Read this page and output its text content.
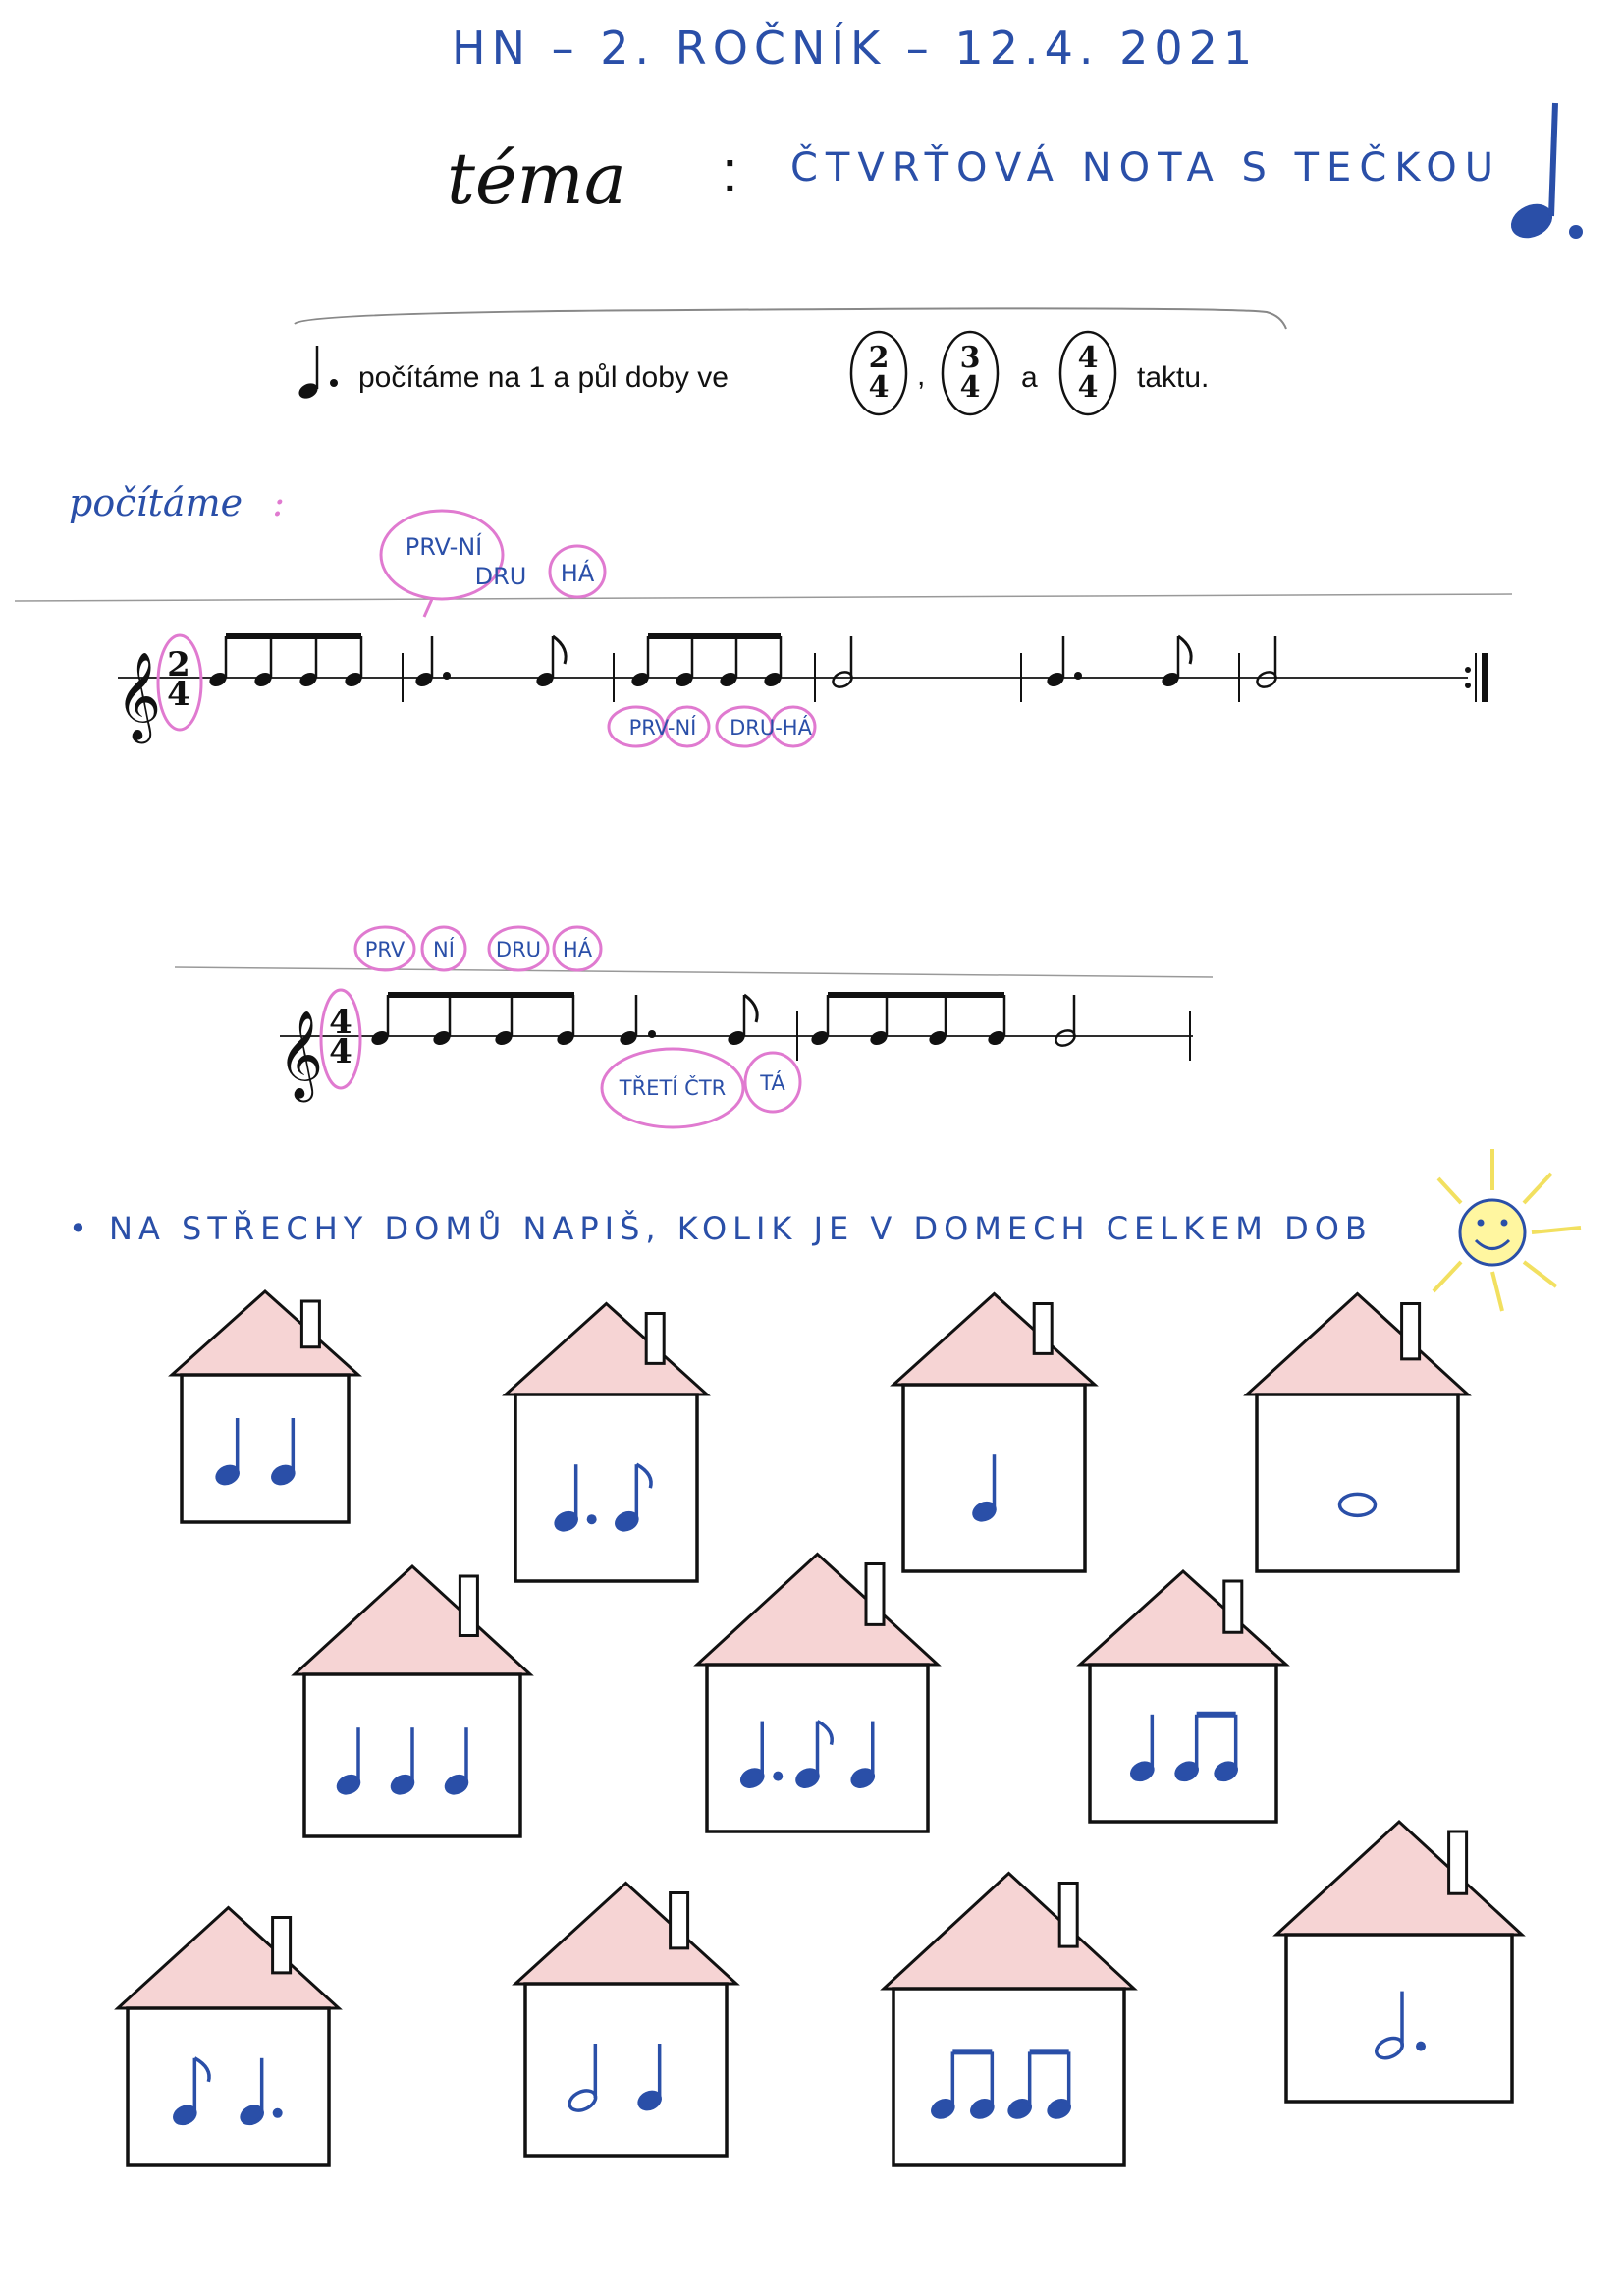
HN – 2. ROČNÍK – 12.4. 2021
téma : ČTVRŤOVÁ NOTA S TEČKOU
počítáme :
• NA STŘECHY DOMŮ NAPIŠ, KOLIK JE V DOMECH CELKEM DOB
počítáme na 1 a půl doby ve
2
4 ,
3
4 a
4
4 taktu.
𝄞 2
4
PRV-NÍ
DRU HÁ
PRV-NÍ DRU-HÁ
𝄞 4
4
PRV NÍ DRU HÁ
TŘETÍ ČTR TÁ
